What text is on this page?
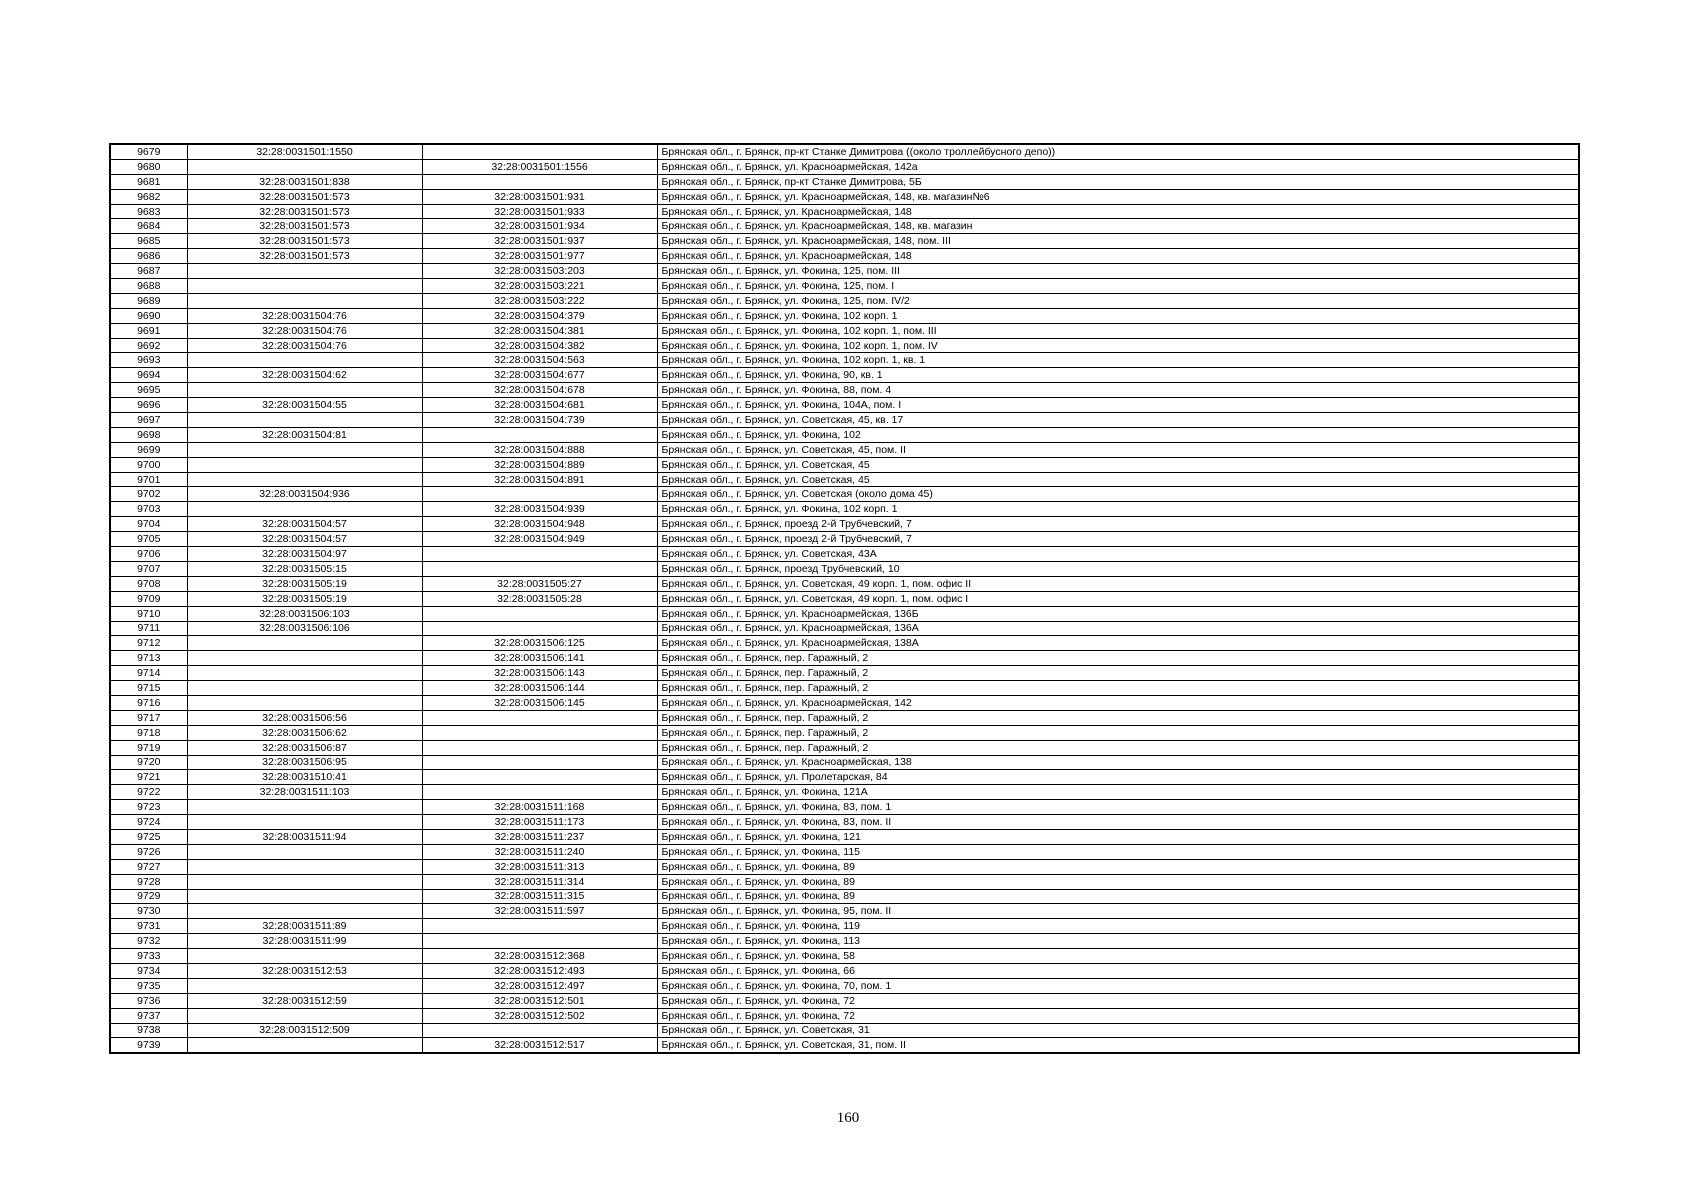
9679	32:28:0031501:1550		Брянская обл., г. Брянск, пр-кт Станке Димитрова ((около троллейбусного депо))
9680		32:28:0031501:1556	Брянская обл., г. Брянск, ул. Красноармейская, 142а
9681	32:28:0031501:838		Брянская обл., г. Брянск, пр-кт Станке Димитрова, 5Б
9682	32:28:0031501:573	32:28:0031501:931	Брянская обл., г. Брянск, ул. Красноармейская, 148, кв. магазин№6
9683	32:28:0031501:573	32:28:0031501:933	Брянская обл., г. Брянск, ул. Красноармейская, 148
9684	32:28:0031501:573	32:28:0031501:934	Брянская обл., г. Брянск, ул. Красноармейская, 148, кв. магазин
9685	32:28:0031501:573	32:28:0031501:937	Брянская обл., г. Брянск, ул. Красноармейская, 148, пом. III
9686	32:28:0031501:573	32:28:0031501:977	Брянская обл., г. Брянск, ул. Красноармейская, 148
9687		32:28:0031503:203	Брянская обл., г. Брянск, ул. Фокина, 125, пом. III
9688		32:28:0031503:221	Брянская обл., г. Брянск, ул. Фокина, 125, пом. I
9689		32:28:0031503:222	Брянская обл., г. Брянск, ул. Фокина, 125, пом. IV/2
9690	32:28:0031504:76	32:28:0031504:379	Брянская обл., г. Брянск, ул. Фокина, 102 корп. 1
9691	32:28:0031504:76	32:28:0031504:381	Брянская обл., г. Брянск, ул. Фокина, 102 корп. 1, пом. III
9692	32:28:0031504:76	32:28:0031504:382	Брянская обл., г. Брянск, ул. Фокина, 102 корп. 1, пом. IV
9693		32:28:0031504:563	Брянская обл., г. Брянск, ул. Фокина, 102 корп. 1, кв. 1
9694	32:28:0031504:62	32:28:0031504:677	Брянская обл., г. Брянск, ул. Фокина, 90, кв. 1
9695		32:28:0031504:678	Брянская обл., г. Брянск, ул. Фокина, 88, пом. 4
9696	32:28:0031504:55	32:28:0031504:681	Брянская обл., г. Брянск, ул. Фокина, 104А, пом. I
9697		32:28:0031504:739	Брянская обл., г. Брянск, ул. Советская, 45, кв. 17
9698	32:28:0031504:81		Брянская обл., г. Брянск, ул. Фокина, 102
9699		32:28:0031504:888	Брянская обл., г. Брянск, ул. Советская, 45, пом. II
9700		32:28:0031504:889	Брянская обл., г. Брянск, ул. Советская, 45
9701		32:28:0031504:891	Брянская обл., г. Брянск, ул. Советская, 45
9702	32:28:0031504:936		Брянская обл., г. Брянск, ул. Советская (около дома 45)
9703		32:28:0031504:939	Брянская обл., г. Брянск, ул. Фокина, 102 корп. 1
9704	32:28:0031504:57	32:28:0031504:948	Брянская обл., г. Брянск, проезд 2-й Трубчевский, 7
9705	32:28:0031504:57	32:28:0031504:949	Брянская обл., г. Брянск, проезд 2-й Трубчевский, 7
9706	32:28:0031504:97		Брянская обл., г. Брянск, ул. Советская, 43А
9707	32:28:0031505:15		Брянская обл., г. Брянск, проезд Трубчевский, 10
9708	32:28:0031505:19	32:28:0031505:27	Брянская обл., г. Брянск, ул. Советская, 49 корп. 1, пом. офис II
9709	32:28:0031505:19	32:28:0031505:28	Брянская обл., г. Брянск, ул. Советская, 49 корп. 1, пом. офис I
9710	32:28:0031506:103		Брянская обл., г. Брянск, ул. Красноармейская, 136Б
9711	32:28:0031506:106		Брянская обл., г. Брянск, ул. Красноармейская, 136А
9712		32:28:0031506:125	Брянская обл., г. Брянск, ул. Красноармейская, 138А
9713		32:28:0031506:141	Брянская обл., г. Брянск, пер. Гаражный, 2
9714		32:28:0031506:143	Брянская обл., г. Брянск, пер. Гаражный, 2
9715		32:28:0031506:144	Брянская обл., г. Брянск, пер. Гаражный, 2
9716		32:28:0031506:145	Брянская обл., г. Брянск, ул. Красноармейская, 142
9717	32:28:0031506:56		Брянская обл., г. Брянск, пер. Гаражный, 2
9718	32:28:0031506:62		Брянская обл., г. Брянск, пер. Гаражный, 2
9719	32:28:0031506:87		Брянская обл., г. Брянск, пер. Гаражный, 2
9720	32:28:0031506:95		Брянская обл., г. Брянск, ул. Красноармейская, 138
9721	32:28:0031510:41		Брянская обл., г. Брянск, ул. Пролетарская, 84
9722	32:28:0031511:103		Брянская обл., г. Брянск, ул. Фокина, 121А
9723		32:28:0031511:168	Брянская обл., г. Брянск, ул. Фокина, 83, пом. 1
9724		32:28:0031511:173	Брянская обл., г. Брянск, ул. Фокина, 83, пом. II
9725	32:28:0031511:94	32:28:0031511:237	Брянская обл., г. Брянск, ул. Фокина, 121
9726		32:28:0031511:240	Брянская обл., г. Брянск, ул. Фокина, 115
9727		32:28:0031511:313	Брянская обл., г. Брянск, ул. Фокина, 89
9728		32:28:0031511:314	Брянская обл., г. Брянск, ул. Фокина, 89
9729		32:28:0031511:315	Брянская обл., г. Брянск, ул. Фокина, 89
9730		32:28:0031511:597	Брянская обл., г. Брянск, ул. Фокина, 95, пом. II
9731	32:28:0031511:89		Брянская обл., г. Брянск, ул. Фокина, 119
9732	32:28:0031511:99		Брянская обл., г. Брянск, ул. Фокина, 113
9733		32:28:0031512:368	Брянская обл., г. Брянск, ул. Фокина, 58
9734	32:28:0031512:53	32:28:0031512:493	Брянская обл., г. Брянск, ул. Фокина, 66
9735		32:28:0031512:497	Брянская обл., г. Брянск, ул. Фокина, 70, пом. 1
9736	32:28:0031512:59	32:28:0031512:501	Брянская обл., г. Брянск, ул. Фокина, 72
9737		32:28:0031512:502	Брянская обл., г. Брянск, ул. Фокина, 72
9738	32:28:0031512:509		Брянская обл., г. Брянск, ул. Советская, 31
9739		32:28:0031512:517	Брянская обл., г. Брянск, ул. Советская, 31, пом. II
160
